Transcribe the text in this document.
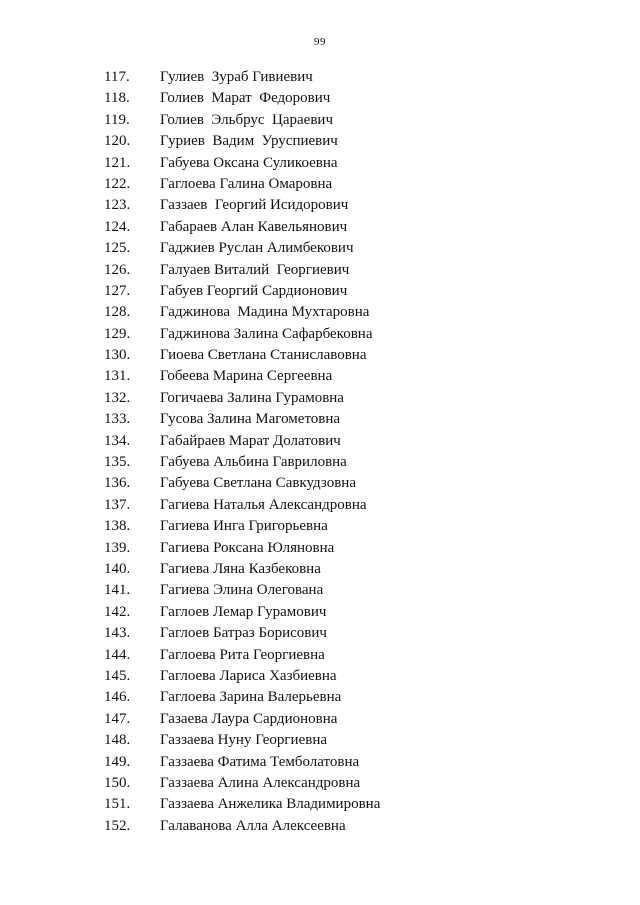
99
117.	Гулиев  Зураб Гивиевич
118.	Голиев  Марат  Федорович
119.	Голиев  Эльбрус  Цараевич
120.	Гуриев  Вадим  Уруспиевич
121.	Габуева Оксана Суликоевна
122.	Гаглоева Галина Омаровна
123.	Газзаев  Георгий Исидорович
124.	Габараев Алан Кавельянович
125.	Гаджиев Руслан Алимбекович
126.	Галуаев Виталий  Георгиевич
127.	Габуев Георгий Сардионович
128.	Гаджинова  Мадина Мухтаровна
129.	Гаджинова Залина Сафарбековна
130.	Гиоева Светлана Станиславовна
131.	Гобеева Марина Сергеевна
132.	Гогичаева Залина Гурамовна
133.	Гусова Залина Магометовна
134.	Габайраев Марат Долатович
135.	Габуева Альбина Гавриловна
136.	Габуева Светлана Савкудзовна
137.	Гагиева Наталья Александровна
138.	Гагиева Инга Григорьевна
139.	Гагиева Роксана Юляновна
140.	Гагиева Ляна Казбековна
141.	Гагиева Элина Олегована
142.	Гаглоев Лемар Гурамович
143.	Гаглоев Батраз Борисович
144.	Гаглоева Рита Георгиевна
145.	Гаглоева Лариса Хазбиевна
146.	Гаглоева Зарина Валерьевна
147.	Газаева Лаура Сардионовна
148.	Газзаева Нуну Георгиевна
149.	Газзаева Фатима Темболатовна
150.	Газзаева Алина Александровна
151.	Газзаева Анжелика Владимировна
152.	Галаванова Алла Алексеевна
